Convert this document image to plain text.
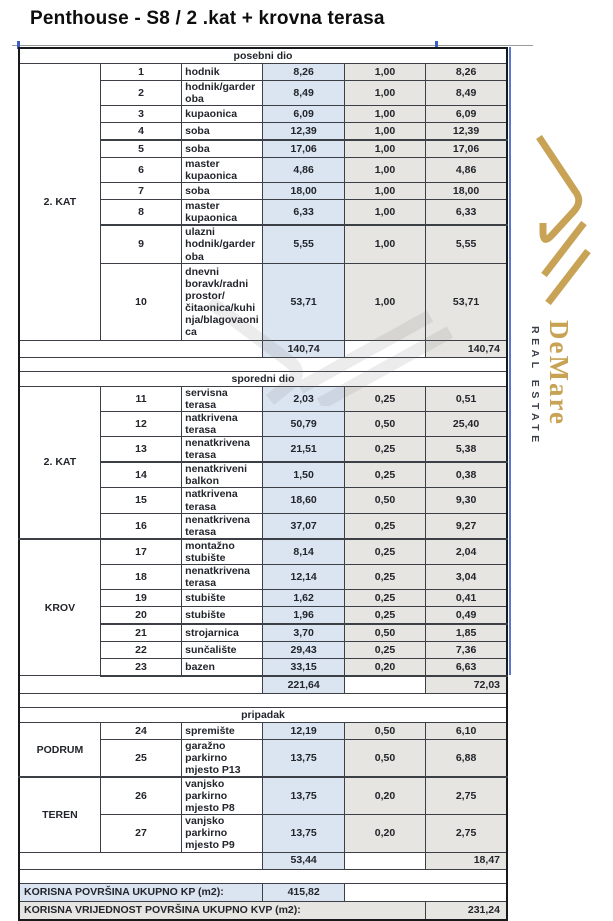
Penthouse - S8 / 2 .kat + krovna terasa
posebni dio					
2. KAT	1	hodnik	8,26	1,00	8,26
	2	hodnik/garderoba	8,49	1,00	8,49
	3	kupaonica	6,09	1,00	6,09
	4	soba	12,39	1,00	12,39
	5	soba	17,06	1,00	17,06
	6	master kupaonica	4,86	1,00	4,86
	7	soba	18,00	1,00	18,00
	8	master kupaonica	6,33	1,00	6,33
	9	ulazni hodnik/garderoba	5,55	1,00	5,55
	10	dnevni boravk/radni prostor/čitaonica/kuhinja/blagovaonica	53,71	1,00	53,71
			140,74		140,74

sporedni dio					
2. KAT	11	servisna terasa	2,03	0,25	0,51
	12	natkrivena terasa	50,79	0,50	25,40
	13	nenatkrivena terasa	21,51	0,25	5,38
	14	nenatkriveni balkon	1,50	0,25	0,38
	15	natkrivena terasa	18,60	0,50	9,30
	16	nenatkrivena terasa	37,07	0,25	9,27
KROV	17	montažno stubište	8,14	0,25	2,04
	18	nenatkrivena terasa	12,14	0,25	3,04
	19	stubište	1,62	0,25	0,41
	20	stubište	1,96	0,25	0,49
	21	strojarnica	3,70	0,50	1,85
	22	sunčalište	29,43	0,25	7,36
	23	bazen	33,15	0,20	6,63
			221,64		72,03

pripadak					
PODRUM	24	spremište	12,19	0,50	6,10
	25	garažno parkirno mjesto P13	13,75	0,50	6,88
TEREN	26	vanjsko parkirno mjesto P8	13,75	0,20	2,75
	27	vanjsko parkirno mjesto P9	13,75	0,20	2,75
			53,44		18,47

KORISNA POVRŠINA UKUPNO KP (m2):			415,82		
KORISNA VRIJEDNOST POVRŠINA UKUPNO KVP (m2):					231,24
DeMare
REAL ESTATE
